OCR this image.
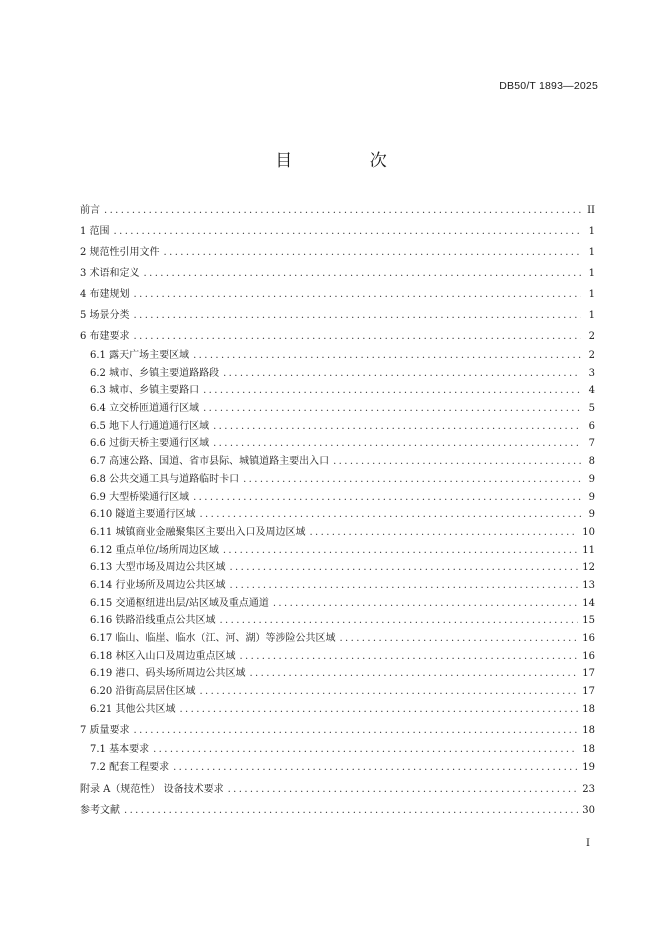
DB50/T 1893—2025
目 次
前言 .....	II
1 范围 .....	1
2 规范性引用文件 .....	1
3 术语和定义 .....	1
4 布建规划 .....	1
5 场景分类 .....	1
6 布建要求 .....	2
6.1 露天广场主要区域 .....	2
6.2 城市、乡镇主要道路路段 .....	3
6.3 城市、乡镇主要路口 .....	4
6.4 立交桥匝道通行区域 .....	5
6.5 地下人行通道通行区域 .....	6
6.6 过街天桥主要通行区域 .....	7
6.7 高速公路、国道、省市县际、城镇道路主要出入口 .....	8
6.8 公共交通工具与道路临时卡口 .....	9
6.9 大型桥梁通行区域 .....	9
6.10 隧道主要通行区域 .....	9
6.11 城镇商业金融聚集区主要出入口及周边区域 .....	10
6.12 重点单位/场所周边区域 .....	11
6.13 大型市场及周边公共区域 .....	12
6.14 行业场所及周边公共区域 .....	13
6.15 交通枢纽进出层/站区域及重点通道 .....	14
6.16 铁路沿线重点公共区域 .....	15
6.17 临山、临崖、临水（江、河、湖）等涉险公共区域 .....	16
6.18 林区入山口及周边重点区域 .....	16
6.19 港口、码头场所周边公共区域 .....	17
6.20 沿街高层居住区域 .....	17
6.21 其他公共区域 .....	18
7 质量要求 .....	18
7.1 基本要求 .....	18
7.2 配套工程要求 .....	19
附录 A（规范性） 设备技术要求 .....	23
参考文献 .....	30
I
